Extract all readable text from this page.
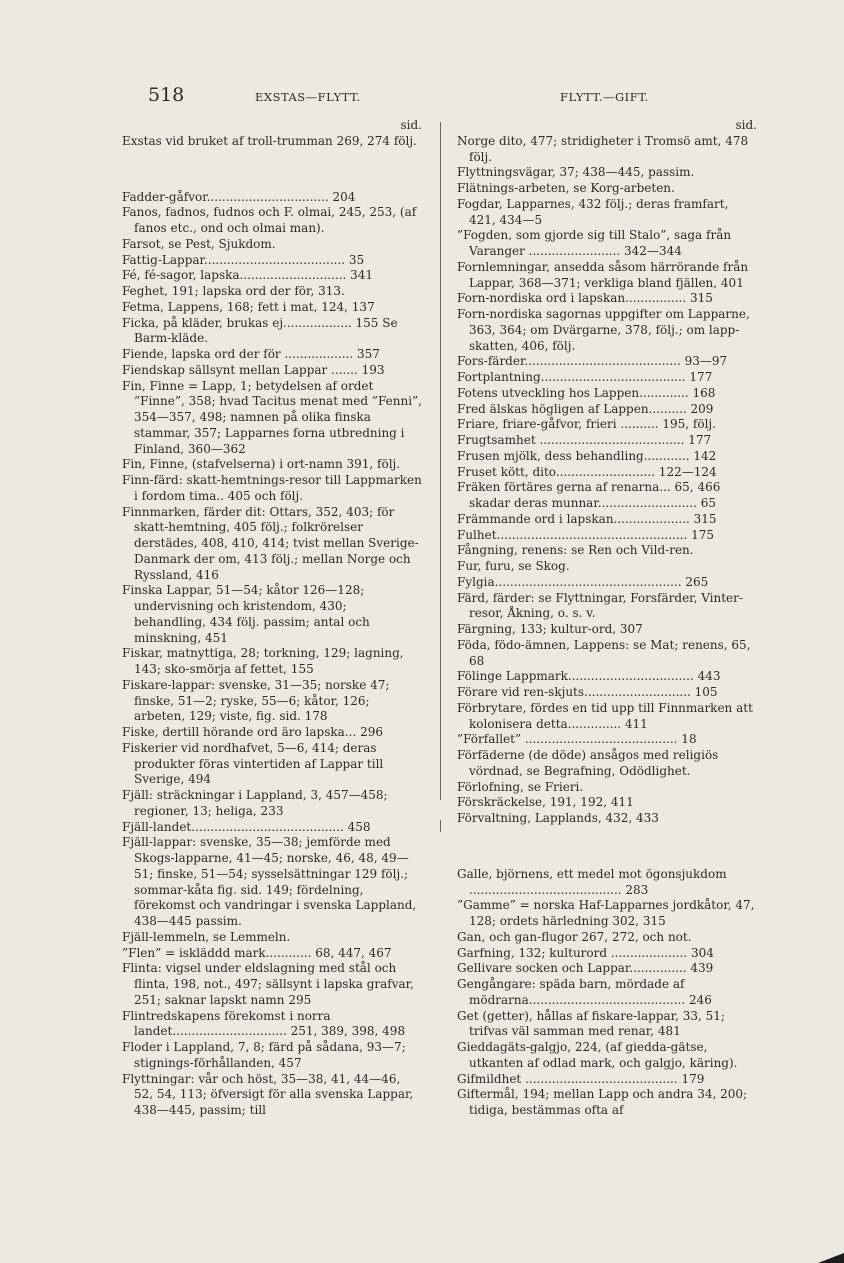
518	EXSTAS—FLYTT.	FLYTT.—GIFT.
sid.

Exstas vid bruket af troll-trumman 269, 274 följ.

Fadder-gåfvor................................ 204

Fanos, fadnos, fudnos och F. olmai, 245, 253, (af fanos etc., ond och olmai man).

Farsot, se Pest, Sjukdom.

Fattig-Lappar..................................... 35

Fé, fé-sagor, lapska............................ 341

Feghet, 191; lapska ord der för, 313.

Fetma, Lappens, 168; fett i mat, 124, 137

Ficka, på kläder, brukas ej.................. 155 Se Barm-kläde.

Fiende, lapska ord der för .................. 357

Fiendskap sällsynt mellan Lappar ....... 193

Fin, Finne = Lapp, 1; betydelsen af ordet ”Finne”, 358; hvad Tacitus menat med ”Fenni”, 354—357, 498; namnen på olika finska stammar, 357; Lapparnes forna utbredning i Finland, 360—362

Fin, Finne, (stafvelserna) i ort-namn 391, följ.

Finn-färd: skatt-hemtnings-resor till Lappmarken i fordom tima.. 405 och följ.

Finnmarken, färder dit: Ottars, 352, 403; för skatt-hemtning, 405 följ.; folkrörelser derstädes, 408, 410, 414; tvist mellan Sverige-Danmark der om, 413 följ.; mellan Norge och Ryssland, 416

Finska Lappar, 51—54; kåtor 126—128; undervisning och kristendom, 430; behandling, 434 följ. passim; antal och minskning, 451

Fiskar, matnyttiga, 28; torkning, 129; lagning, 143; sko-smörja af fettet, 155

Fiskare-lappar: svenske, 31—35; norske 47; finske, 51—2; ryske, 55—6; kåtor, 126; arbeten, 129; viste, fig. sid. 178

Fiske, dertill hörande ord äro lapska... 296

Fiskerier vid nordhafvet, 5—6, 414; deras produkter föras vintertiden af Lappar till Sverige, 494

Fjäll: sträckningar i Lappland, 3, 457—458; regioner, 13; heliga, 233

Fjäll-landet........................................ 458

Fjäll-lappar: svenske, 35—38; jemförde med Skogs-lapparne, 41—45; norske, 46, 48, 49—51; finske, 51—54; sysselsättningar 129 följ.; sommar-kåta fig. sid. 149; fördelning, förekomst och vandringar i svenska Lappland, 438—445 passim.

Fjäll-lemmeln, se Lemmeln.

”Flen” = iskläddd mark............ 68, 447, 467

Flinta: vigsel under eldslagning med stål och flinta, 198, not., 497; sällsynt i lapska grafvar, 251; saknar lapskt namn 295

Flintredskapens förekomst i norra landet.............................. 251, 389, 398, 498

Floder i Lappland, 7, 8; färd på sådana, 93—7; stignings-förhållanden, 457

Flyttningar: vår och höst, 35—38, 41, 44—46, 52, 54, 113; öfversigt för alla svenska Lappar, 438—445, passim; till

sid.

Norge dito, 477; stridigheter i Tromsö amt, 478 följ.

Flyttningsvägar, 37; 438—445, passim.

Flätnings-arbeten, se Korg-arbeten.

Fogdar, Lapparnes, 432 följ.; deras framfart, 421, 434—5

”Fogden, som gjorde sig till Stalo”, saga från Varanger ........................ 342—344

Fornlemningar, ansedda såsom härrörande från Lappar, 368—371; verkliga bland fjällen, 401

Forn-nordiska ord i lapskan................ 315

Forn-nordiska sagornas uppgifter om Lapparne, 363, 364; om Dvärgarne, 378, följ.; om lapp-skatten, 406, följ.

Fors-färder......................................... 93—97

Fortplantning...................................... 177

Fotens utveckling hos Lappen............. 168

Fred älskas högligen af Lappen.......... 209

Friare, friare-gåfvor, frieri .......... 195, följ.

Frugtsamhet ...................................... 177

Frusen mjölk, dess behandling............ 142

Fruset kött, dito.......................... 122—124

Fräken förtäres gerna af renarna... 65, 466 skadar deras munnar.......................... 65

Främmande ord i lapskan.................... 315

Fulhet.................................................. 175

Fångning, renens: se Ren och Vild-ren.

Fur, furu, se Skog.

Fylgia................................................. 265

Färd, färder: se Flyttningar, Forsfärder, Vinter-resor, Åkning, o. s. v.

Färgning, 133; kultur-ord, 307

Föda, födo-ämnen, Lappens: se Mat; renens, 65, 68

Fölinge Lappmark................................. 443

Förare vid ren-skjuts............................ 105

Förbrytare, fördes en tid upp till Finnmarken att kolonisera detta.............. 411

”Förfallet” ........................................ 18

Förfäderne (de döde) ansågos med religiös vördnad, se Begrafning, Odödlighet.

Förlofning, se Frieri.

Förskräckelse, 191, 192, 411

Förvaltning, Lapplands, 432, 433

Galle, björnens, ett medel mot ögonsjukdom ........................................ 283

”Gamme” = norska Haf-Lapparnes jordkåtor, 47, 128; ordets härledning 302, 315

Gan, och gan-flugor 267, 272, och not.

Garfning, 132; kulturord .................... 304

Gellivare socken och Lappar............... 439

Gengångare: späda barn, mördade af mödrarna......................................... 246

Get (getter), hållas af fiskare-lappar, 33, 51; trifvas väl samman med renar, 481

Gieddagäts-galgjo, 224, (af giedda-gätse, utkanten af odlad mark, och galgjo, käring).

Gifmildhet ........................................ 179

Giftermål, 194; mellan Lapp och andra 34, 200; tidiga, bestämmas ofta af
